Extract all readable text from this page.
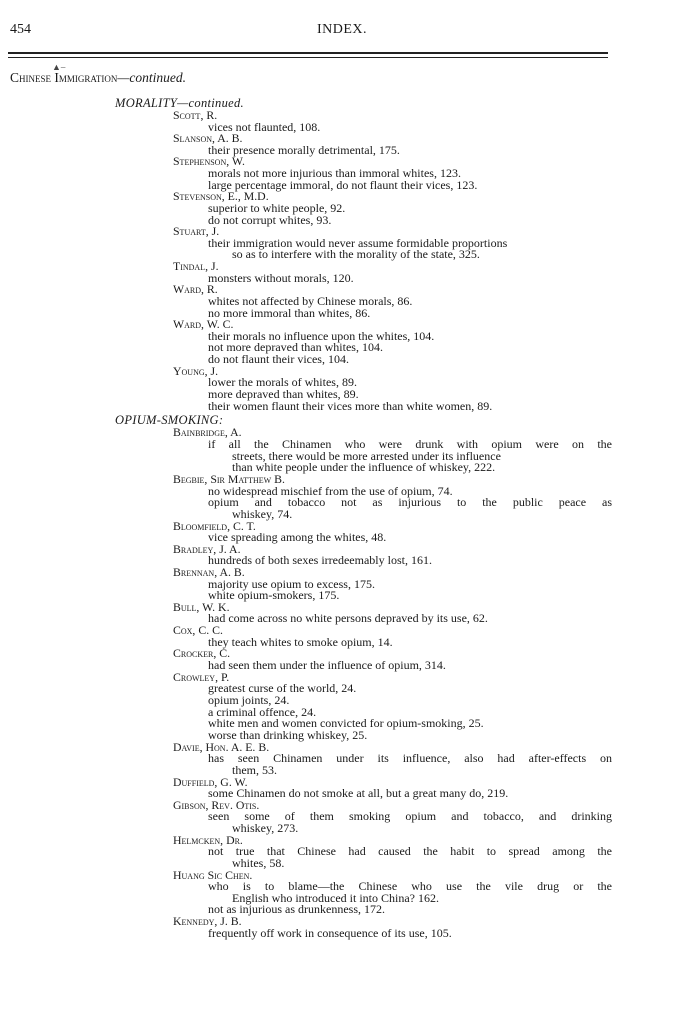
454	INDEX.
▲–
Chinese Immigration—continued.
MORALITY—continued.
Scott, R.
vices not flaunted, 108.
Slanson, A. B.
their presence morally detrimental, 175.
Stephenson, W.
morals not more injurious than immoral whites, 123.
large percentage immoral, do not flaunt their vices, 123.
Stevenson, E., M.D.
superior to white people, 92.
do not corrupt whites, 93.
Stuart, J.
their immigration would never assume formidable proportions
so as to interfere with the morality of the state, 325.
Tindal, J.
monsters without morals, 120.
Ward, R.
whites not affected by Chinese morals, 86.
no more immoral than whites, 86.
Ward, W. C.
their morals no influence upon the whites, 104.
not more depraved than whites, 104.
do not flaunt their vices, 104.
Young, J.
lower the morals of whites, 89.
more depraved than whites, 89.
their women flaunt their vices more than white women, 89.
OPIUM-SMOKING:
Bainbridge, A.
if all the Chinamen who were drunk with opium were on the
streets, there would be more arrested under its influence
than white people under the influence of whiskey, 222.
Begbie, Sir Matthew B.
no widespread mischief from the use of opium, 74.
opium and tobacco not as injurious to the public peace as
whiskey, 74.
Bloomfield, C. T.
vice spreading among the whites, 48.
Bradley, J. A.
hundreds of both sexes irredeemably lost, 161.
Brennan, A. B.
majority use opium to excess, 175.
white opium-smokers, 175.
Bull, W. K.
had come across no white persons depraved by its use, 62.
Cox, C. C.
they teach whites to smoke opium, 14.
Crocker, C.
had seen them under the influence of opium, 314.
Crowley, P.
greatest curse of the world, 24.
opium joints, 24.
a criminal offence, 24.
white men and women convicted for opium-smoking, 25.
worse than drinking whiskey, 25.
Davie, Hon. A. E. B.
has seen Chinamen under its influence, also had after-effects on
them, 53.
Duffield, G. W.
some Chinamen do not smoke at all, but a great many do, 219.
Gibson, Rev. Otis.
seen some of them smoking opium and tobacco, and drinking
whiskey, 273.
Helmcken, Dr.
not true that Chinese had caused the habit to spread among the
whites, 58.
Huang Sic Chen.
who is to blame—the Chinese who use the vile drug or the
English who introduced it into China? 162.
not as injurious as drunkenness, 172.
Kennedy, J. B.
frequently off work in consequence of its use, 105.
